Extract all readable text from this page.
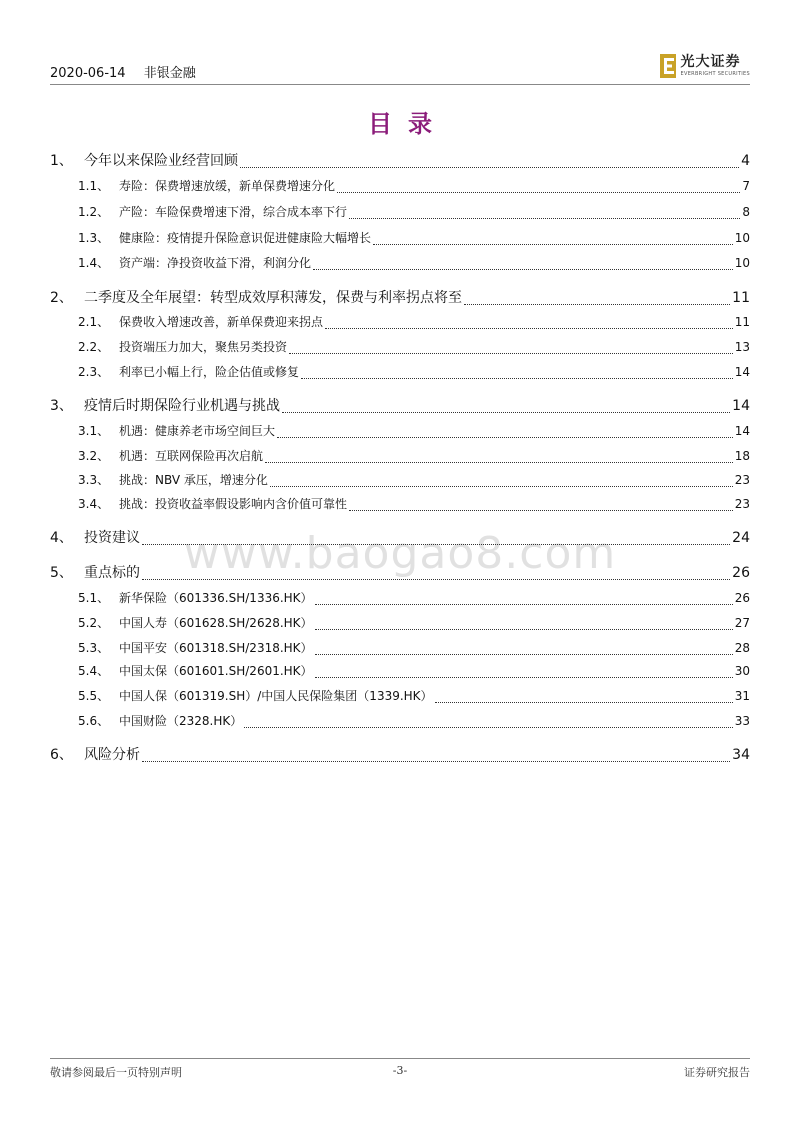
2020-06-14 非银金融
光大证券
EVERBRIGHT SECURITIES
目录
www.baogao8.com
1、 今年以来保险业经营回顾	4
1.1、 寿险：保费增速放缓，新单保费增速分化	7
1.2、 产险：车险保费增速下滑，综合成本率下行	8
1.3、 健康险：疫情提升保险意识促进健康险大幅增长	10
1.4、 资产端：净投资收益下滑，利润分化	10
2、 二季度及全年展望：转型成效厚积薄发，保费与利率拐点将至	11
2.1、 保费收入增速改善，新单保费迎来拐点	11
2.2、 投资端压力加大，聚焦另类投资	13
2.3、 利率已小幅上行，险企估值或修复	14
3、 疫情后时期保险行业机遇与挑战	14
3.1、 机遇：健康养老市场空间巨大	14
3.2、 机遇：互联网保险再次启航	18
3.3、 挑战：NBV 承压，增速分化	23
3.4、 挑战：投资收益率假设影响内含价值可靠性	23
4、 投资建议	24
5、 重点标的	26
5.1、 新华保险（601336.SH/1336.HK）	26
5.2、 中国人寿（601628.SH/2628.HK）	27
5.3、 中国平安（601318.SH/2318.HK）	28
5.4、 中国太保（601601.SH/2601.HK）	30
5.5、 中国人保（601319.SH）/中国人民保险集团（1339.HK）	31
5.6、 中国财险（2328.HK）	33
6、 风险分析	34
敬请参阅最后一页特别声明	-3-	证券研究报告
